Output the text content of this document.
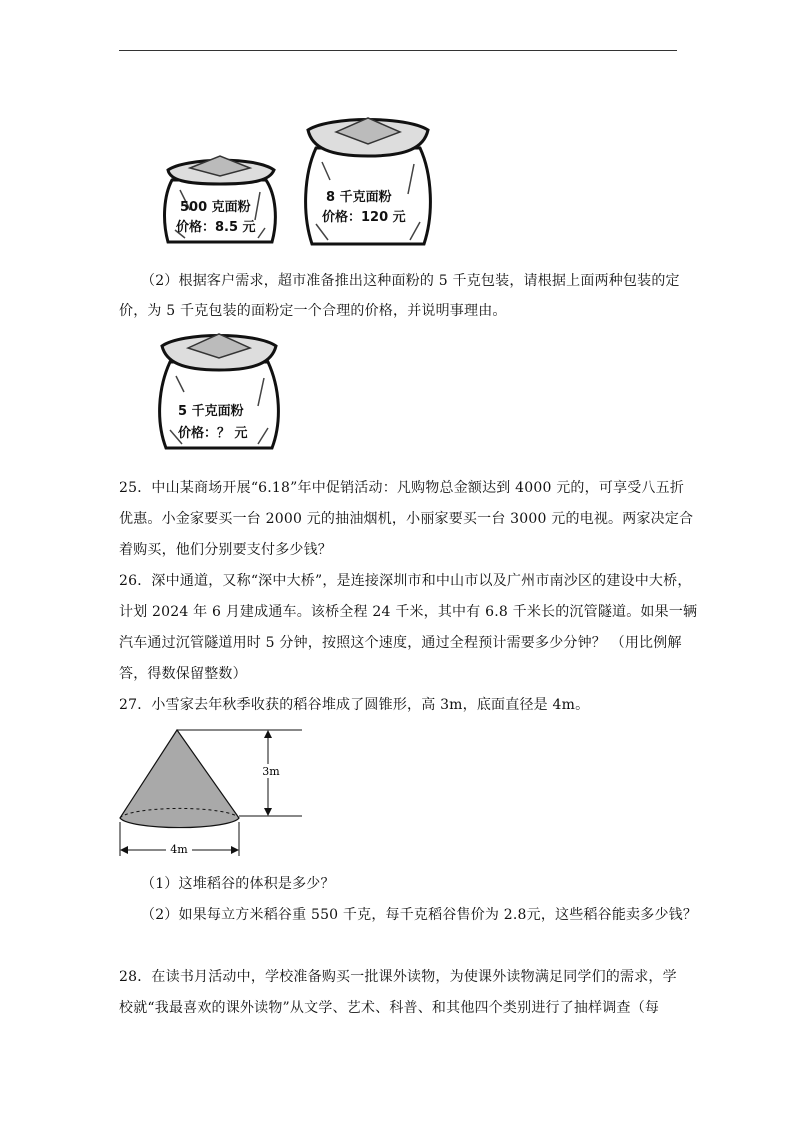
500 克面粉
价格：8.5 元
8 千克面粉
价格：120 元
（2）根据客户需求，超市准备推出这种面粉的 5 千克包装，请根据上面两种包装的定
价，为 5 千克包装的面粉定一个合理的价格，并说明事理由。
5 千克面粉
价格：？ 元
25．中山某商场开展“6.18”年中促销活动：凡购物总金额达到 4000 元的，可享受八五折
优惠。小金家要买一台 2000 元的抽油烟机，小丽家要买一台 3000 元的电视。两家决定合
着购买，他们分别要支付多少钱？
26．深中通道，又称“深中大桥”，是连接深圳市和中山市以及广州市南沙区的建设中大桥，
计划 2024 年 6 月建成通车。该桥全程 24 千米，其中有 6.8 千米长的沉管隧道。如果一辆
汽车通过沉管隧道用时 5 分钟，按照这个速度，通过全程预计需要多少分钟？ （用比例解
答，得数保留整数）
27．小雪家去年秋季收获的稻谷堆成了圆锥形，高 3m，底面直径是 4m。
3m
4m
（1）这堆稻谷的体积是多少？
（2）如果每立方米稻谷重 550 千克，每千克稻谷售价为 2.8元，这些稻谷能卖多少钱？
28．在读书月活动中，学校准备购买一批课外读物，为使课外读物满足同学们的需求，学
校就“我最喜欢的课外读物”从文学、艺术、科普、和其他四个类别进行了抽样调查（每
